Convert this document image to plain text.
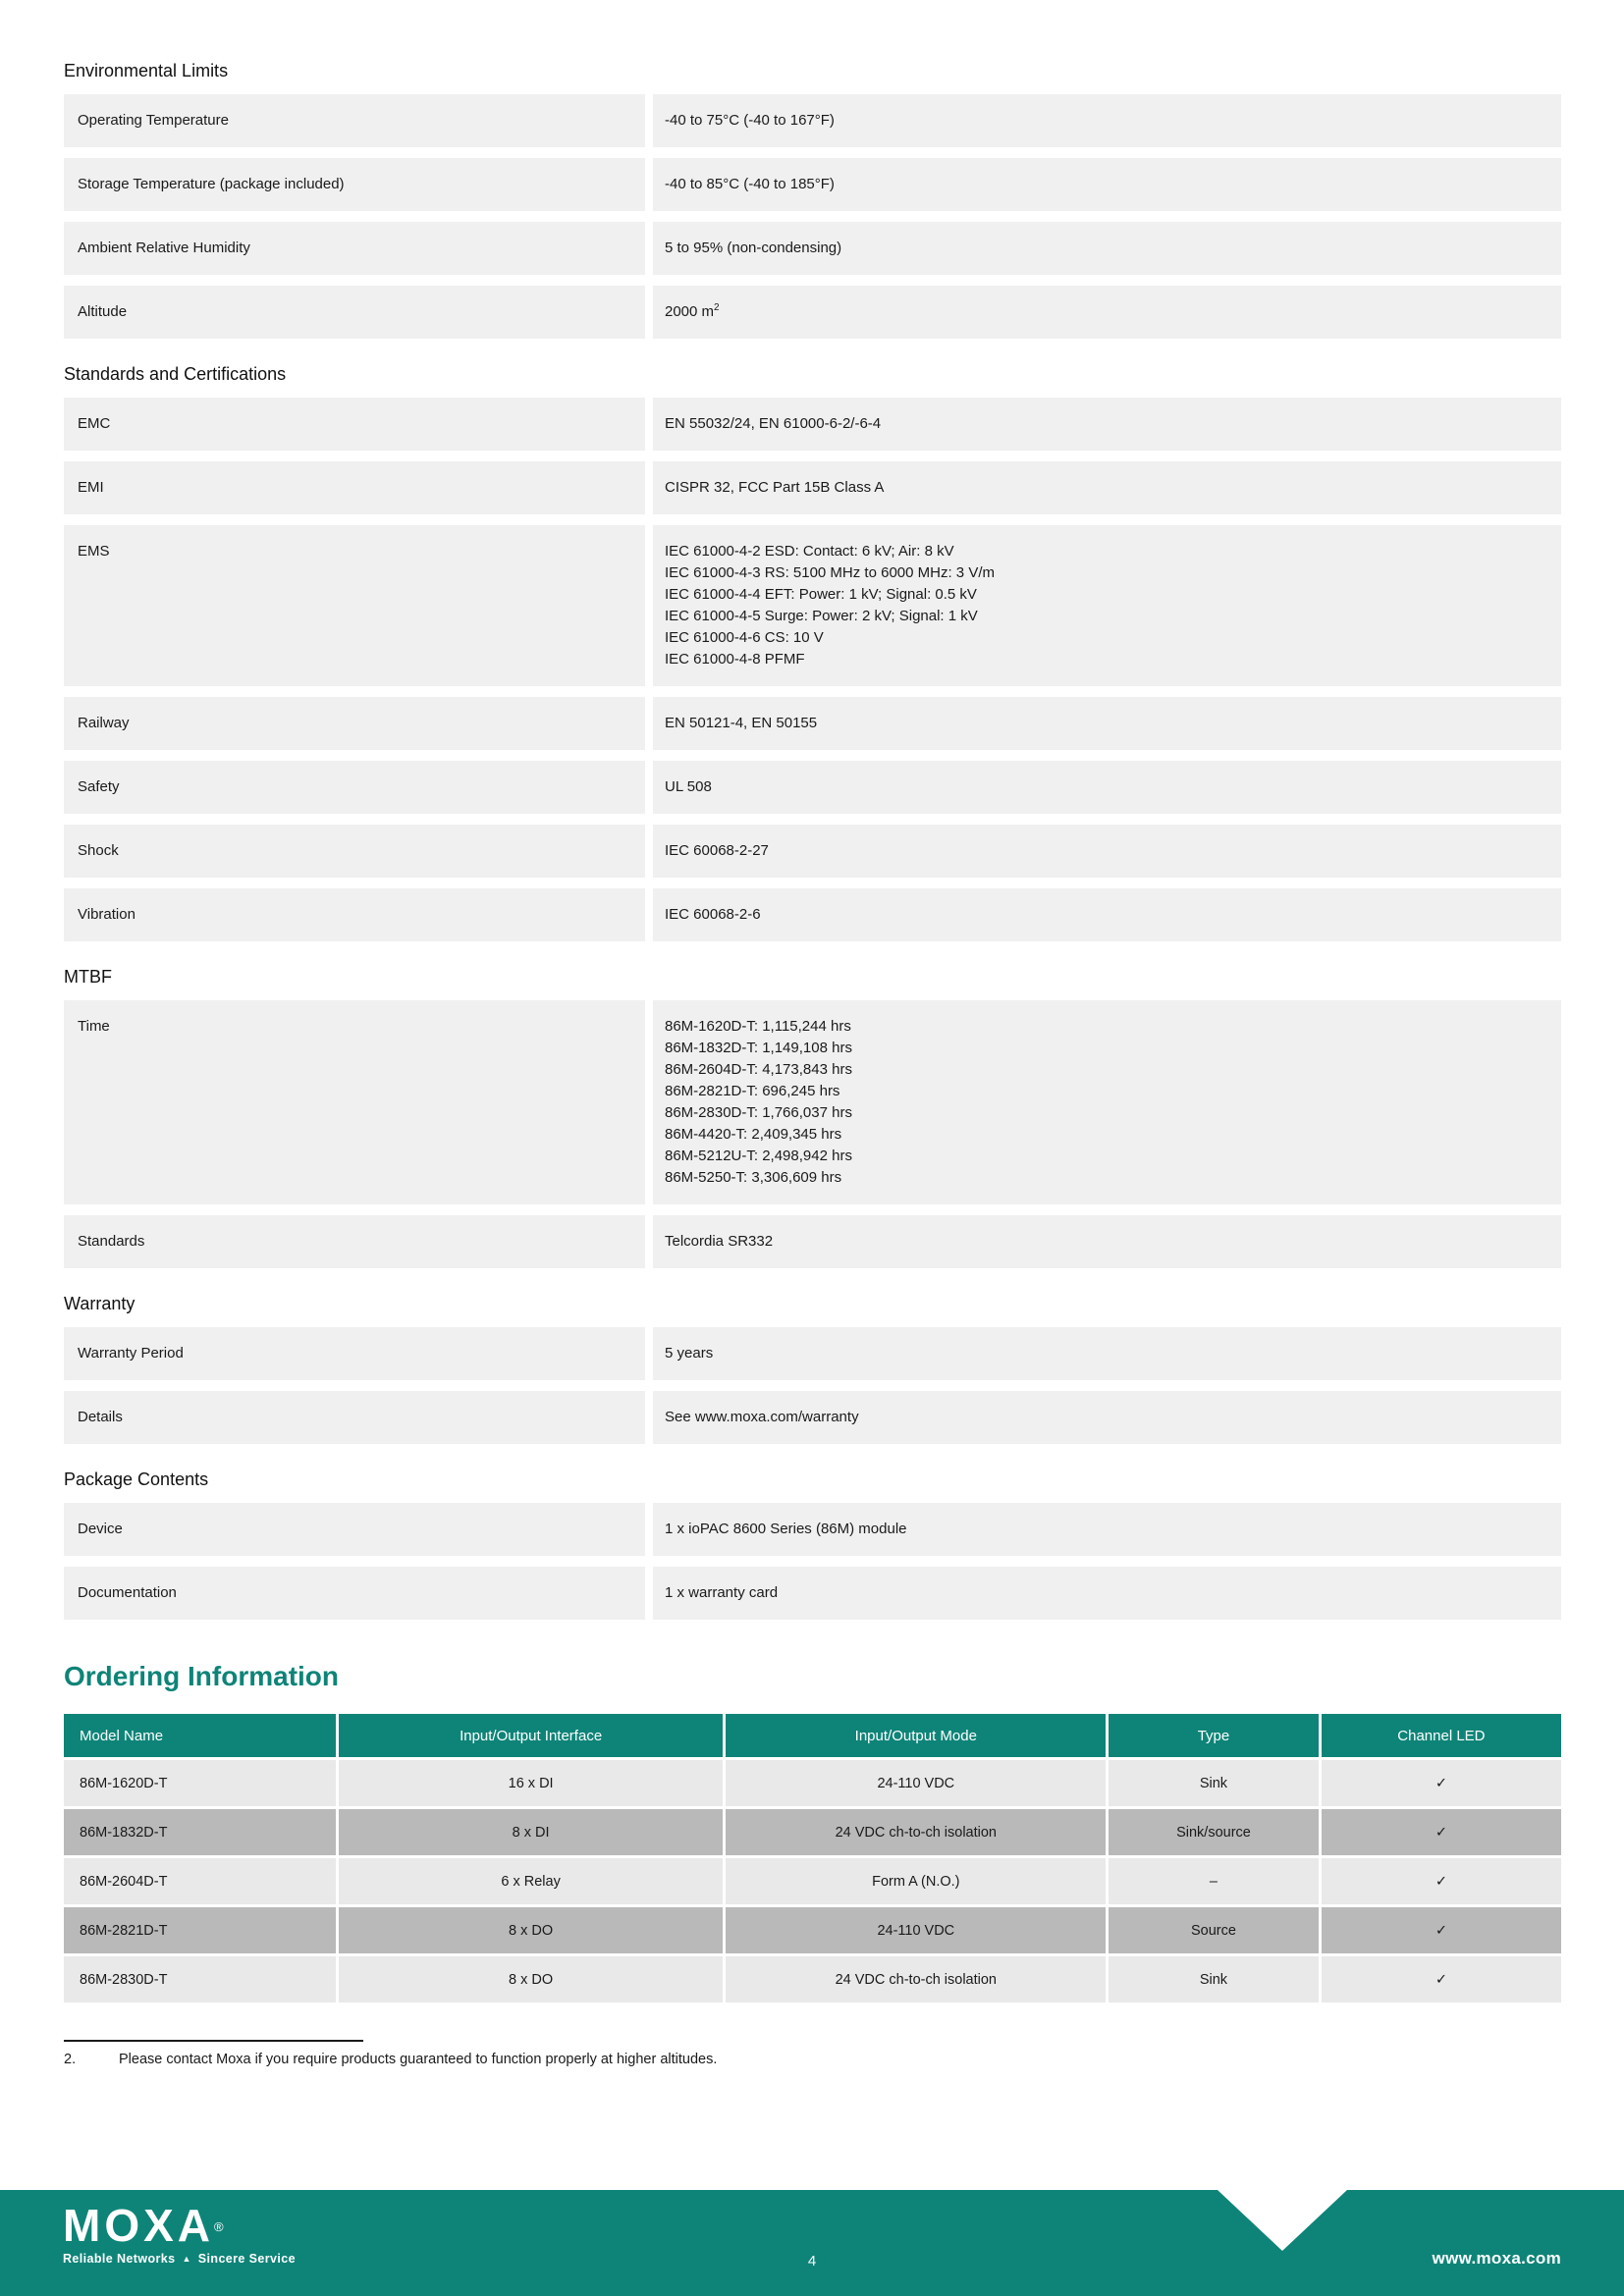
Environmental Limits
Operating Temperature	-40 to 75°C (-40 to 167°F)
Storage Temperature (package included)	-40 to 85°C (-40 to 185°F)
Ambient Relative Humidity	5 to 95% (non-condensing)
Altitude	2000 $m^2$
Standards and Certifications
EMC	EN 55032/24, EN 61000-6-2/-6-4
EMI	CISPR 32, FCC Part 15B Class A
EMS	IEC 61000-4-2 ESD: Contact: 6 kV; Air: 8 kV
IEC 61000-4-3 RS: 5100 MHz to 6000 MHz: 3 V/m
IEC 61000-4-4 EFT: Power: 1 kV; Signal: 0.5 kV
IEC 61000-4-5 Surge: Power: 2 kV; Signal: 1 kV
IEC 61000-4-6 CS: 10 V
IEC 61000-4-8 PFMF
Railway	EN 50121-4, EN 50155
Safety	UL 508
Shock	IEC 60068-2-27
Vibration	IEC 60068-2-6
MTBF
Time	86M-1620D-T: 1,115,244 hrs
86M-1832D-T: 1,149,108 hrs
86M-2604D-T: 4,173,843 hrs
86M-2821D-T: 696,245 hrs
86M-2830D-T: 1,766,037 hrs
86M-4420-T: 2,409,345 hrs
86M-5212U-T: 2,498,942 hrs
86M-5250-T: 3,306,609 hrs
Standards	Telcordia SR332
Warranty
Warranty Period	5 years
Details	See www.moxa.com/warranty
Package Contents
Device	1 x ioPAC 8600 Series (86M) module
Documentation	1 x warranty card
Ordering Information
Model Name	Input/Output Interface	Input/Output Mode	Type	Channel LED
86M-1620D-T	16 x DI	24-110 VDC	Sink	✓
86M-1832D-T	8 x DI	24 VDC ch-to-ch isolation	Sink/source	✓
86M-2604D-T	6 x Relay	Form A (N.O.)	–	✓
86M-2821D-T	8 x DO	24-110 VDC	Source	✓
86M-2830D-T	8 x DO	24 VDC ch-to-ch isolation	Sink	✓
2.	Please contact Moxa if you require products guaranteed to function properly at higher altitudes.
MOXA®
Reliable Networks ▲ Sincere Service	4	www.moxa.com
